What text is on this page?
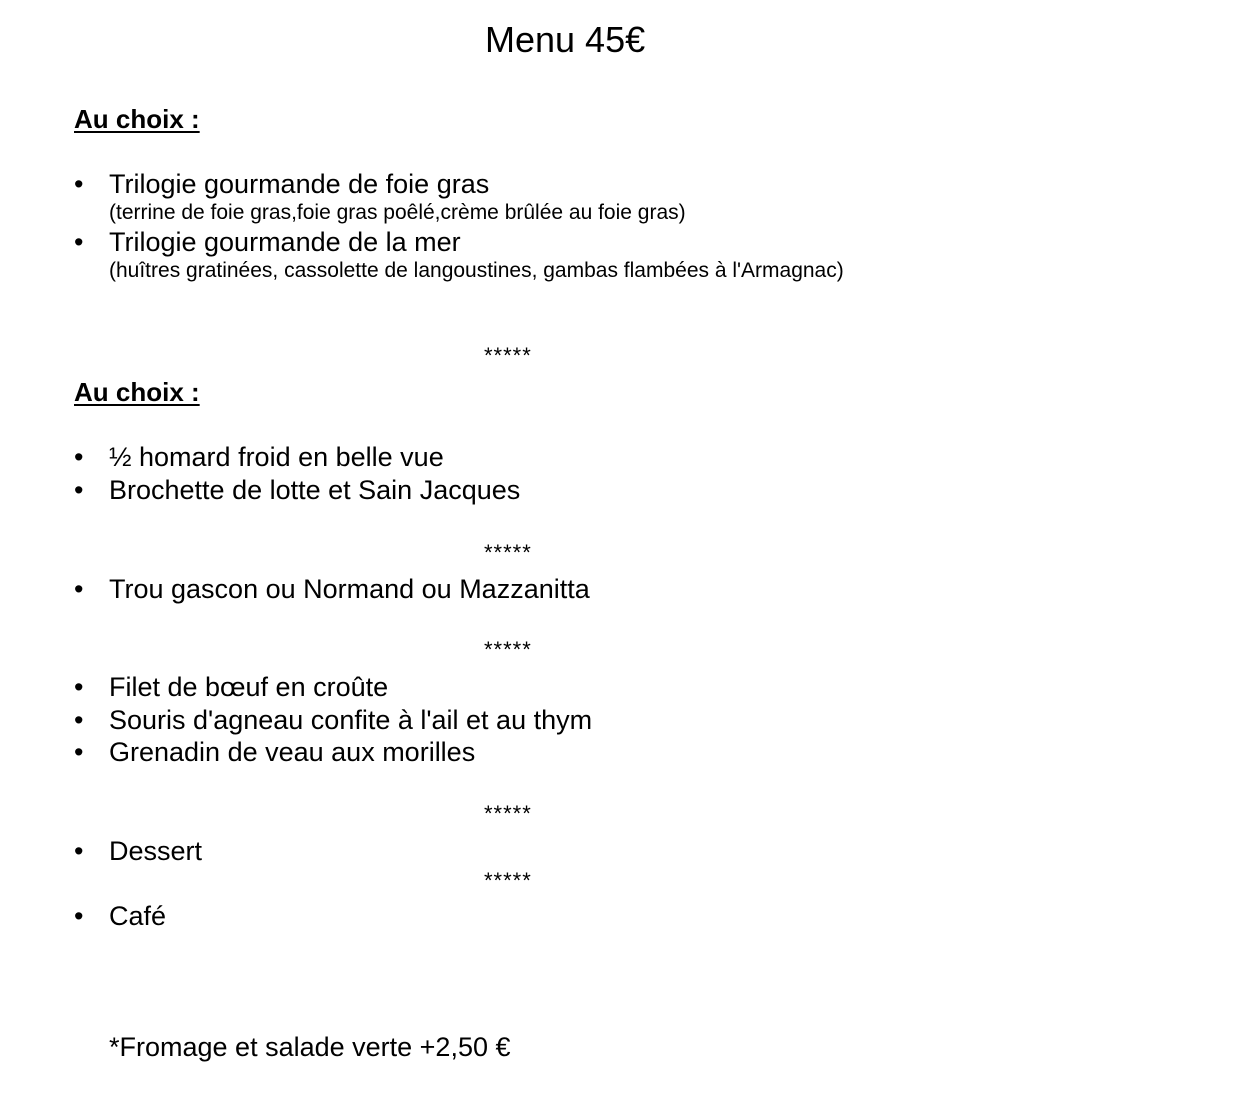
Menu 45€
Au choix :
• Trilogie gourmande de foie gras
(terrine de foie gras,foie gras poêlé,crème brûlée au foie gras)
• Trilogie gourmande de la mer
(huîtres gratinées, cassolette de langoustines, gambas flambées à l'Armagnac)
*****
Au choix :
• ½ homard froid en belle vue
• Brochette de lotte et Sain Jacques
*****
• Trou gascon ou Normand ou Mazzanitta
*****
• Filet de bœuf en croûte
• Souris d'agneau confite à l'ail et au thym
• Grenadin de veau aux morilles
*****
• Dessert
*****
• Café
*Fromage et salade verte +2,50 €
